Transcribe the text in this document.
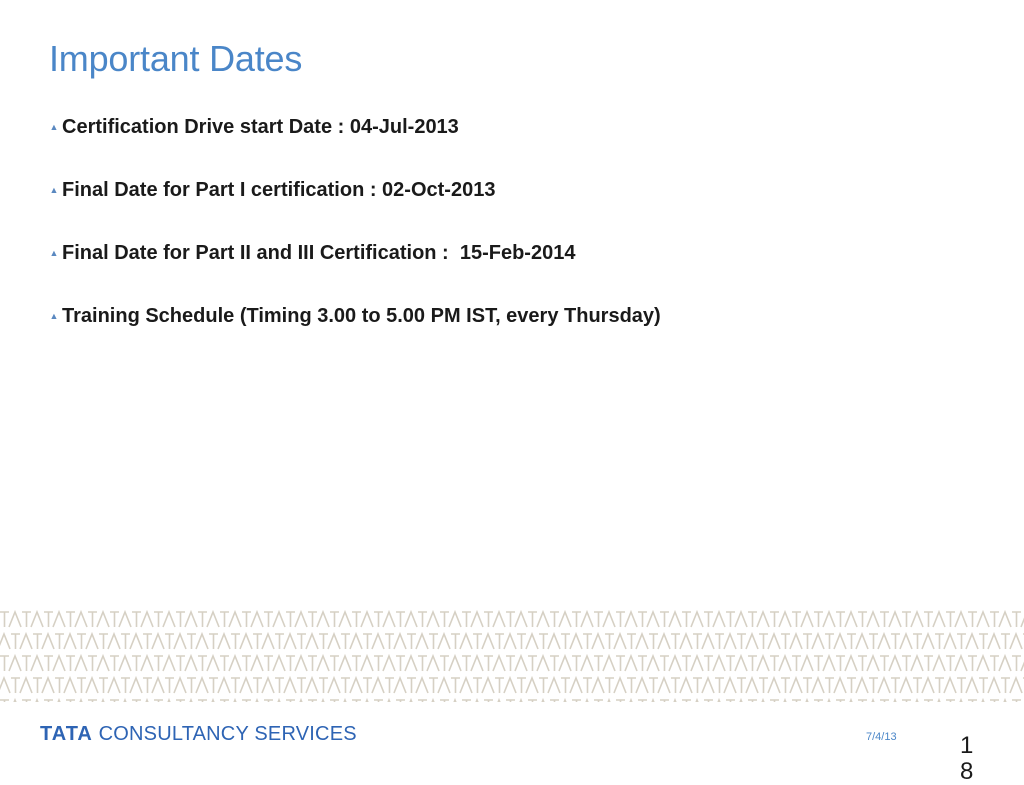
Important Dates
▲ Certification Drive start Date : 04-Jul-2013
▲ Final Date for Part I certification : 02-Oct-2013
▲ Final Date for Part II and III Certification :  15-Feb-2014
▲ Training Schedule (Timing 3.00 to 5.00 PM IST, every Thursday)
TATA CONSULTANCY SERVICES	7/4/13	18
